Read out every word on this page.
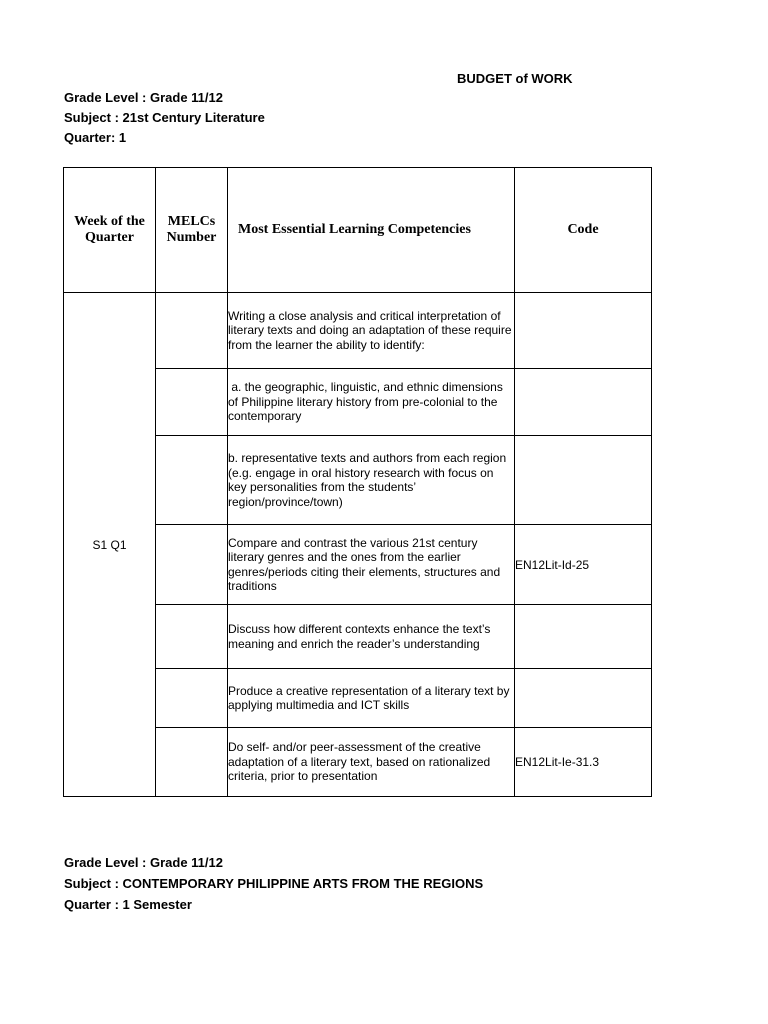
BUDGET of WORK
Grade Level : Grade 11/12
Subject : 21st Century Literature
Quarter: 1
Week of the Quarter	MELCs Number	Most Essential Learning Competencies	Code
S1 Q1		Writing a close analysis and critical interpretation of literary texts and doing an adaptation of these require from the learner the ability to identify:	
		a. the geographic, linguistic, and ethnic dimensions of Philippine literary history from pre-colonial to the contemporary	
		b. representative texts and authors from each region (e.g. engage in oral history research with focus on key personalities from the students’ region/province/town)	
		Compare and contrast the various 21st century literary genres and the ones from the earlier genres/periods citing their elements, structures and traditions	EN12Lit-Id-25
		Discuss how different contexts enhance the text’s meaning and enrich the reader’s understanding	
		Produce a creative representation of a literary text by applying multimedia and ICT skills	
		Do self- and/or peer-assessment of the creative adaptation of a literary text, based on rationalized criteria, prior to presentation	EN12Lit-Ie-31.3
Grade Level : Grade 11/12
Subject : CONTEMPORARY PHILIPPINE ARTS FROM THE REGIONS
Quarter : 1 Semester
